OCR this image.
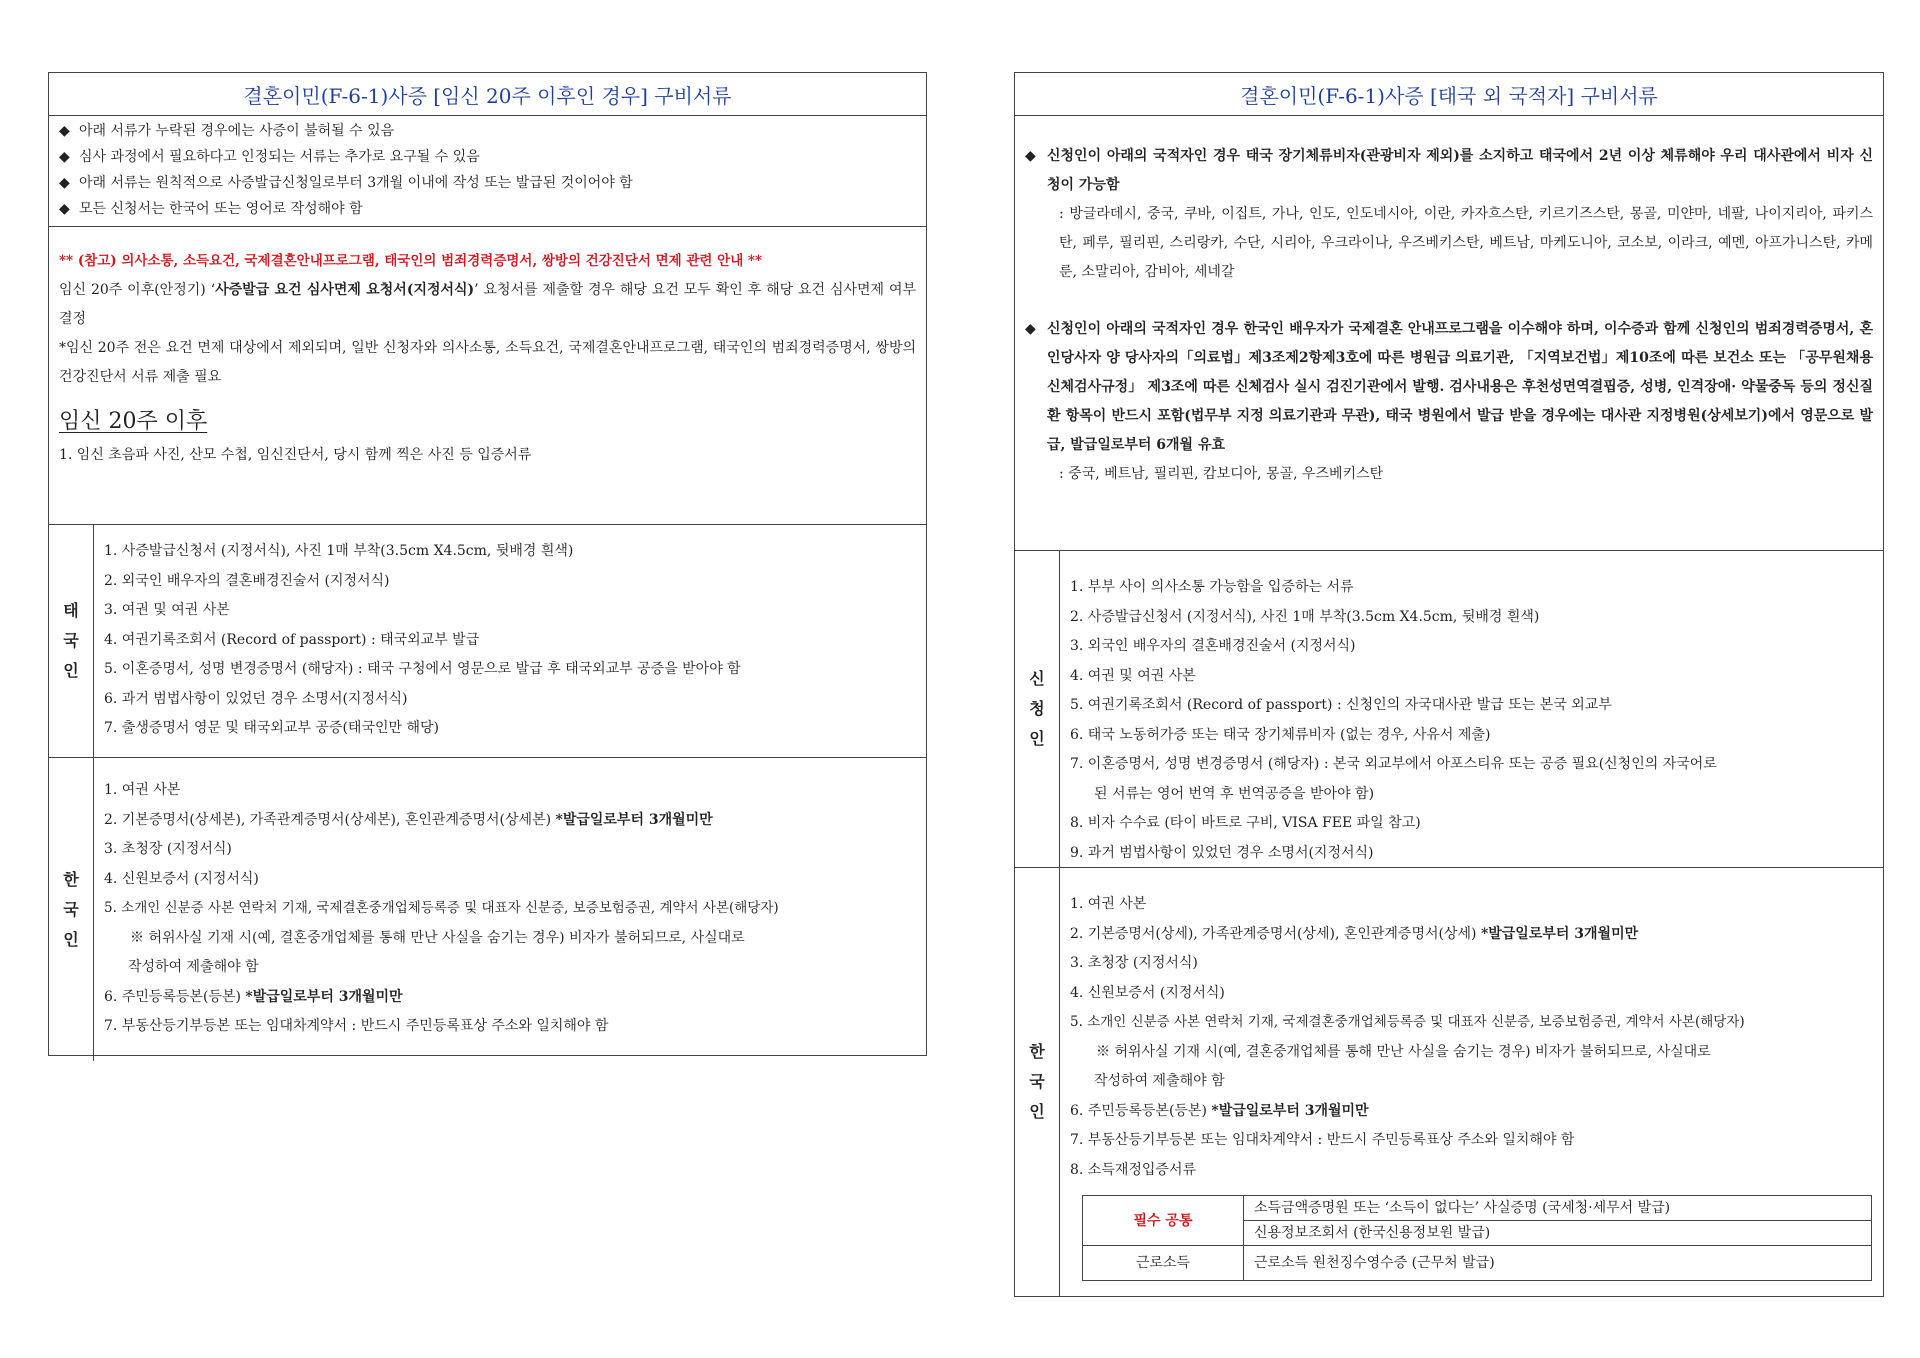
결혼이민(F-6-1)사증 [임신 20주 이후인 경우] 구비서류
◆ 아래 서류가 누락된 경우에는 사증이 불허될 수 있음
◆ 심사 과정에서 필요하다고 인정되는 서류는 추가로 요구될 수 있음
◆ 아래 서류는 원칙적으로 사증발급신청일로부터 3개월 이내에 작성 또는 발급된 것이어야 함
◆ 모든 신청서는 한국어 또는 영어로 작성해야 함
** (참고) 의사소통, 소득요건, 국제결혼안내프로그램, 태국인의 범죄경력증명서, 쌍방의 건강진단서 면제 관련 안내 **
임신 20주 이후(안정기) ‘사증발급 요건 심사면제 요청서(지정서식)’ 요청서를 제출할 경우 해당 요건 모두 확인 후 해당 요건 심사면제 여부 결정
*임신 20주 전은 요건 면제 대상에서 제외되며, 일반 신청자와 의사소통, 소득요건, 국제결혼안내프로그램, 태국인의 범죄경력증명서, 쌍방의 건강진단서 서류 제출 필요
임신 20주 이후
1. 임신 초음파 사진, 산모 수첩, 임신진단서, 당시 함께 찍은 사진 등 입증서류
태
국
인
1. 사증발급신청서 (지정서식), 사진 1매 부착(3.5cm X4.5cm, 뒷배경 흰색)
2. 외국인 배우자의 결혼배경진술서 (지정서식)
3. 여권 및 여권 사본
4. 여권기록조회서 (Record of passport) : 태국외교부 발급
5. 이혼증명서, 성명 변경증명서 (해당자) : 태국 구청에서 영문으로 발급 후 태국외교부 공증을 받아야 함
6. 과거 범법사항이 있었던 경우 소명서(지정서식)
7. 출생증명서 영문 및 태국외교부 공증(태국인만 해당)
한
국
인
1. 여권 사본
2. 기본증명서(상세본), 가족관계증명서(상세본), 혼인관계증명서(상세본) *발급일로부터 3개월미만
3. 초청장 (지정서식)
4. 신원보증서 (지정서식)
5. 소개인 신분증 사본 연락처 기재, 국제결혼중개업체등록증 및 대표자 신분증, 보증보험증권, 계약서 사본(해당자)
※ 허위사실 기재 시(예, 결혼중개업체를 통해 만난 사실을 숨기는 경우) 비자가 불허되므로, 사실대로
작성하여 제출해야 함
6. 주민등록등본(등본) *발급일로부터 3개월미만
7. 부동산등기부등본 또는 임대차계약서 : 반드시 주민등록표상 주소와 일치해야 함
결혼이민(F-6-1)사증 [태국 외 국적자] 구비서류
◆ 신청인이 아래의 국적자인 경우 태국 장기체류비자(관광비자 제외)를 소지하고 태국에서 2년 이상 체류해야 우리 대사관에서 비자 신청이 가능함
: 방글라데시, 중국, 쿠바, 이집트, 가나, 인도, 인도네시아, 이란, 카자흐스탄, 키르기즈스탄, 몽골, 미얀마, 네팔, 나이지리아, 파키스탄, 페루, 필리핀, 스리랑카, 수단, 시리아, 우크라이나, 우즈베키스탄, 베트남, 마케도니아, 코소보, 이라크, 예멘, 아프가니스탄, 카메룬, 소말리아, 감비아, 세네갈
◆ 신청인이 아래의 국적자인 경우 한국인 배우자가 국제결혼 안내프로그램을 이수해야 하며, 이수증과 함께 신청인의 범죄경력증명서, 혼인당사자 양 당사자의「의료법」제3조제2항제3호에 따른 병원급 의료기관, 「지역보건법」제10조에 따른 보건소 또는 「공무원채용신체검사규정」 제3조에 따른 신체검사 실시 검진기관에서 발행. 검사내용은 후천성면역결핍증, 성병, 인격장애· 약물중독 등의 정신질환 항목이 반드시 포함(법무부 지정 의료기관과 무관), 태국 병원에서 발급 받을 경우에는 대사관 지정병원(상세보기)에서 영문으로 발급, 발급일로부터 6개월 유효
: 중국, 베트남, 필리핀, 캄보디아, 몽골, 우즈베키스탄
신
청
인
1. 부부 사이 의사소통 가능함을 입증하는 서류
2. 사증발급신청서 (지정서식), 사진 1매 부착(3.5cm X4.5cm, 뒷배경 흰색)
3. 외국인 배우자의 결혼배경진술서 (지정서식)
4. 여권 및 여권 사본
5. 여권기록조회서 (Record of passport) : 신청인의 자국대사관 발급 또는 본국 외교부
6. 태국 노동허가증 또는 태국 장기체류비자 (없는 경우, 사유서 제출)
7. 이혼증명서, 성명 변경증명서 (해당자) : 본국 외교부에서 아포스티유 또는 공증 필요(신청인의 자국어로
된 서류는 영어 번역 후 번역공증을 받아야 함)
8. 비자 수수료 (타이 바트로 구비, VISA FEE 파일 참고)
9. 과거 범법사항이 있었던 경우 소명서(지정서식)
한
국
인
1. 여권 사본
2. 기본증명서(상세), 가족관계증명서(상세), 혼인관계증명서(상세) *발급일로부터 3개월미만
3. 초청장 (지정서식)
4. 신원보증서 (지정서식)
5. 소개인 신분증 사본 연락처 기재, 국제결혼중개업체등록증 및 대표자 신분증, 보증보험증권, 계약서 사본(해당자)
※ 허위사실 기재 시(예, 결혼중개업체를 통해 만난 사실을 숨기는 경우) 비자가 불허되므로, 사실대로
작성하여 제출해야 함
6. 주민등록등본(등본) *발급일로부터 3개월미만
7. 부동산등기부등본 또는 임대차계약서 : 반드시 주민등록표상 주소와 일치해야 함
8. 소득재정입증서류
필수 공통	소득금액증명원 또는 ‘소득이 없다는’ 사실증명 (국세청·세무서 발급)
	신용정보조회서 (한국신용정보원 발급)
근로소득	근로소득 원천징수영수증 (근무처 발급)
